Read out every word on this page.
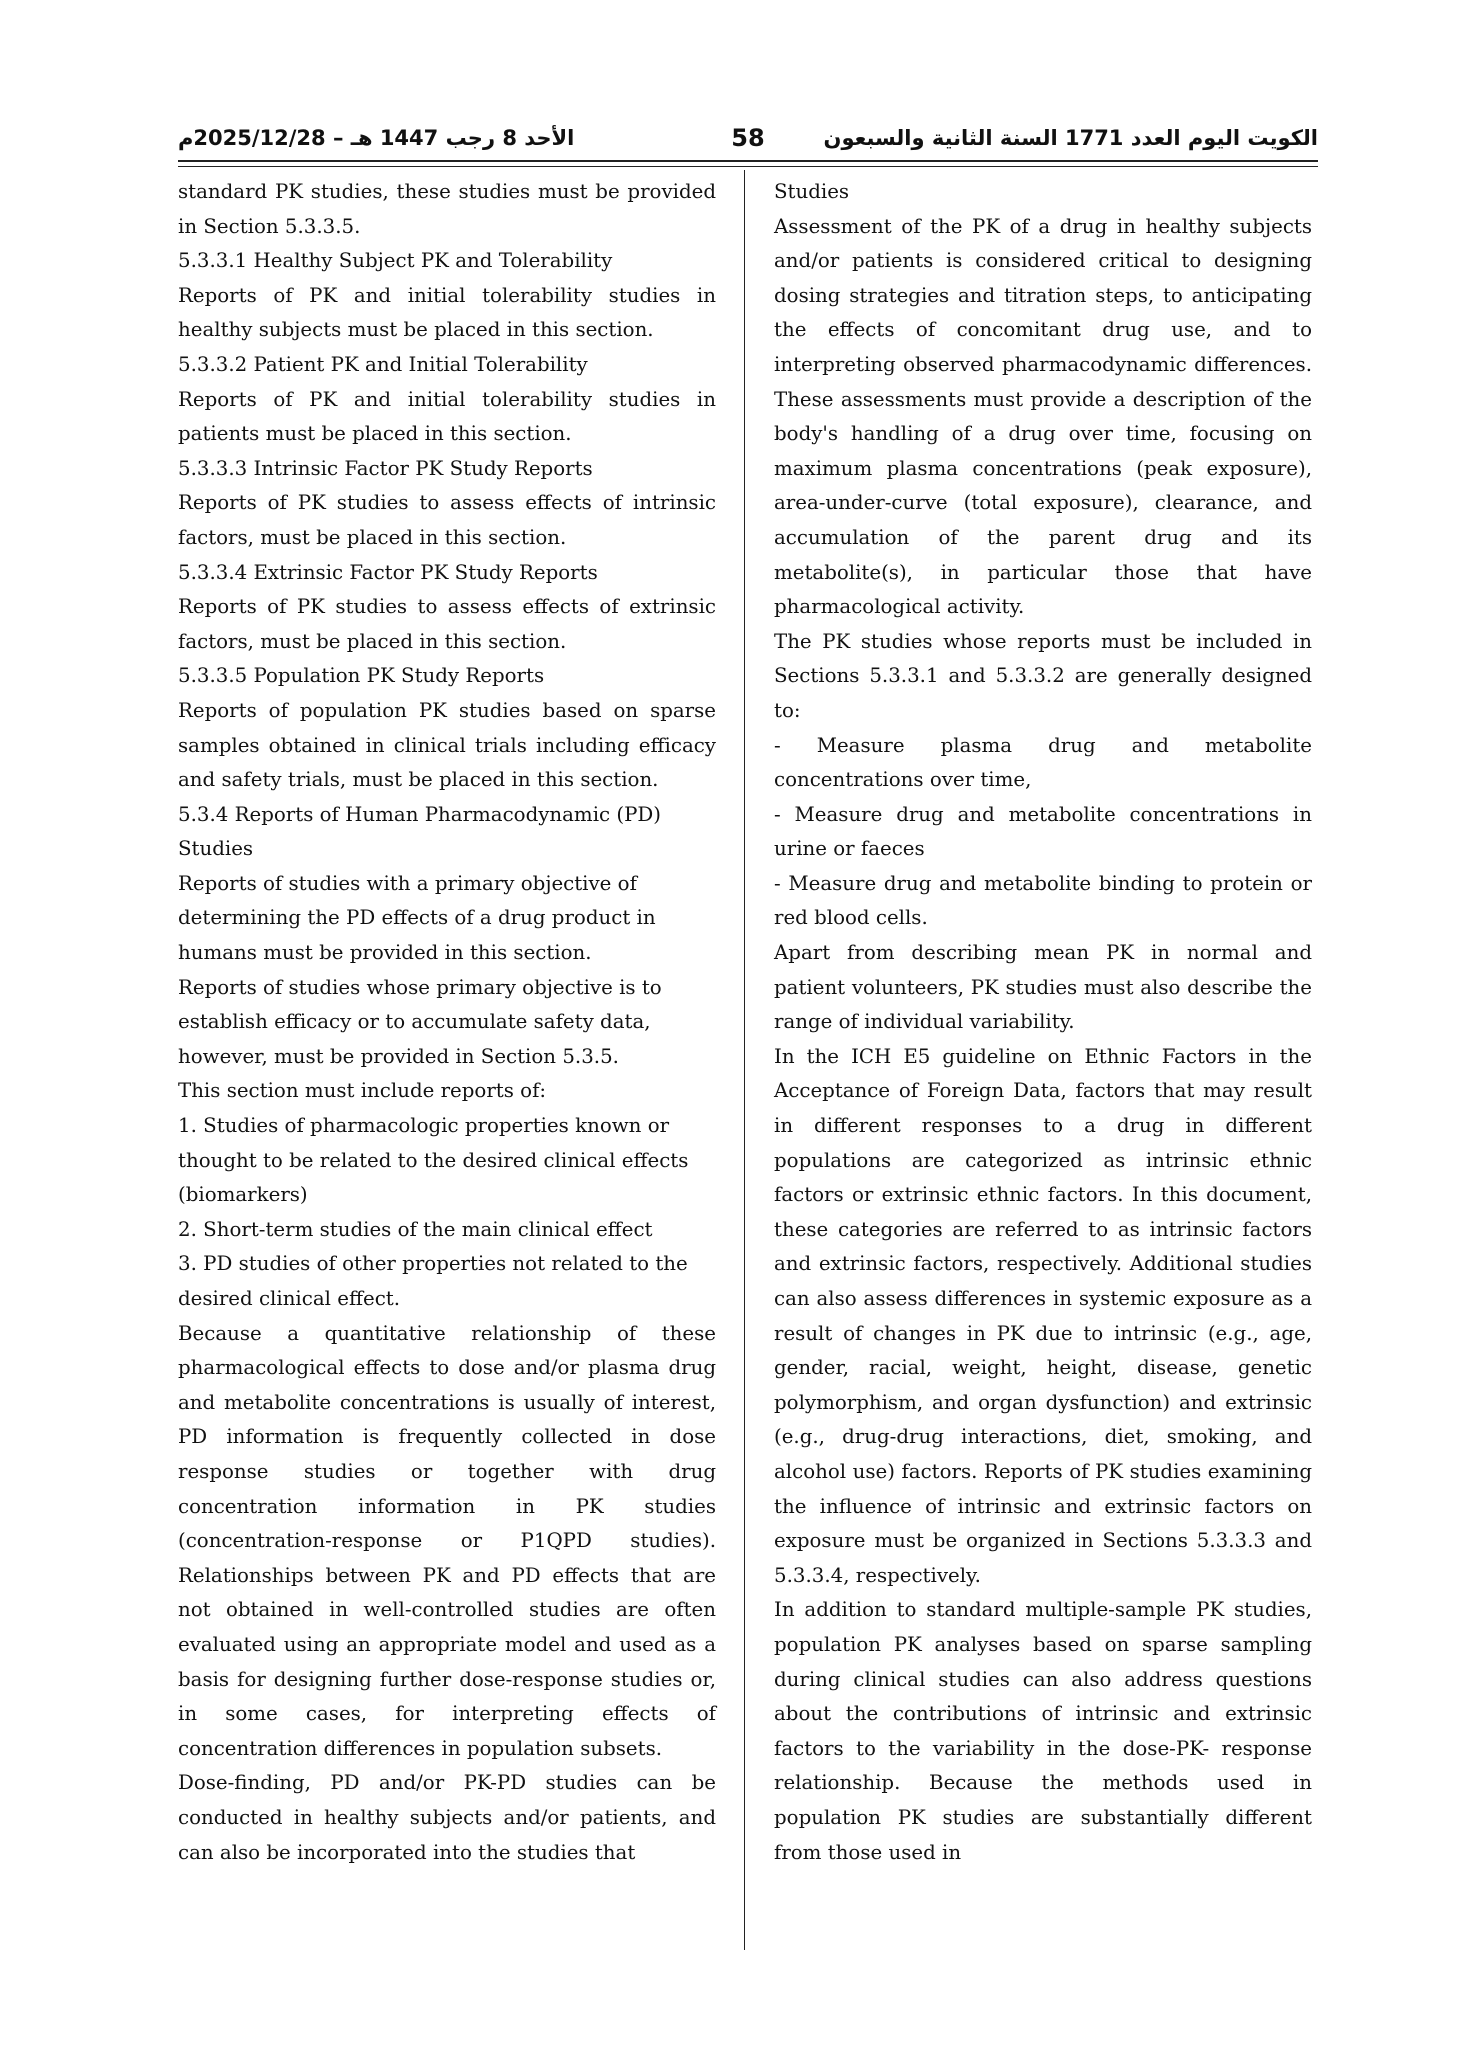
الأحد 8 رجب 1447 هـ – 2025/12/28م	58	الكويت اليوم العدد 1771 السنة الثانية والسبعون

standard PK studies, these studies must be provided in Section 5.3.3.5.

5.3.3.1 Healthy Subject PK and Tolerability

Reports of PK and initial tolerability studies in healthy subjects must be placed in this section.

5.3.3.2 Patient PK and Initial Tolerability

Reports of PK and initial tolerability studies in patients must be placed in this section.

5.3.3.3 Intrinsic Factor PK Study Reports

Reports of PK studies to assess effects of intrinsic factors, must be placed in this section.

5.3.3.4 Extrinsic Factor PK Study Reports

Reports of PK studies to assess effects of extrinsic factors, must be placed in this section.

5.3.3.5 Population PK Study Reports

Reports of population PK studies based on sparse samples obtained in clinical trials including efficacy and safety trials, must be placed in this section.

5.3.4 Reports of Human Pharmacodynamic (PD) Studies

Reports of studies with a primary objective of determining the PD effects of a drug product in humans must be provided in this section.

Reports of studies whose primary objective is to establish efficacy or to accumulate safety data, however, must be provided in Section 5.3.5.

This section must include reports of:

1. Studies of pharmacologic properties known or thought to be related to the desired clinical effects (biomarkers)

2. Short-term studies of the main clinical effect

3. PD studies of other properties not related to the desired clinical effect.

Because a quantitative relationship of these pharmacological effects to dose and/or plasma drug and metabolite concentrations is usually of interest, PD information is frequently collected in dose response studies or together with drug concentration information in PK studies (concentration-response or P1QPD studies). Relationships between PK and PD effects that are not obtained in well-controlled studies are often evaluated using an appropriate model and used as a basis for designing further dose-response studies or, in some cases, for interpreting effects of concentration differences in population subsets.

Dose-finding, PD and/or PK-PD studies can be conducted in healthy subjects and/or patients, and can also be incorporated into the studies that

Studies

Assessment of the PK of a drug in healthy subjects and/or patients is considered critical to designing dosing strategies and titration steps, to anticipating the effects of concomitant drug use, and to interpreting observed pharmacodynamic differences. These assessments must provide a description of the body's handling of a drug over time, focusing on maximum plasma concentrations (peak exposure), area-under-curve (total exposure), clearance, and accumulation of the parent drug and its metabolite(s), in particular those that have pharmacological activity.

The PK studies whose reports must be included in Sections 5.3.3.1 and 5.3.3.2 are generally designed to:

- Measure plasma drug and metabolite concentrations over time,

- Measure drug and metabolite concentrations in urine or faeces

- Measure drug and metabolite binding to protein or red blood cells.

Apart from describing mean PK in normal and patient volunteers, PK studies must also describe the range of individual variability.

In the ICH E5 guideline on Ethnic Factors in the Acceptance of Foreign Data, factors that may result in different responses to a drug in different populations are categorized as intrinsic ethnic factors or extrinsic ethnic factors. In this document, these categories are referred to as intrinsic factors and extrinsic factors, respectively. Additional studies can also assess differences in systemic exposure as a result of changes in PK due to intrinsic (e.g., age, gender, racial, weight, height, disease, genetic polymorphism, and organ dysfunction) and extrinsic (e.g., drug-drug interactions, diet, smoking, and alcohol use) factors. Reports of PK studies examining the influence of intrinsic and extrinsic factors on exposure must be organized in Sections 5.3.3.3 and 5.3.3.4, respectively.

In addition to standard multiple-sample PK studies, population PK analyses based on sparse sampling during clinical studies can also address questions about the contributions of intrinsic and extrinsic factors to the variability in the dose-PK- response relationship. Because the methods used in population PK studies are substantially different from those used in
